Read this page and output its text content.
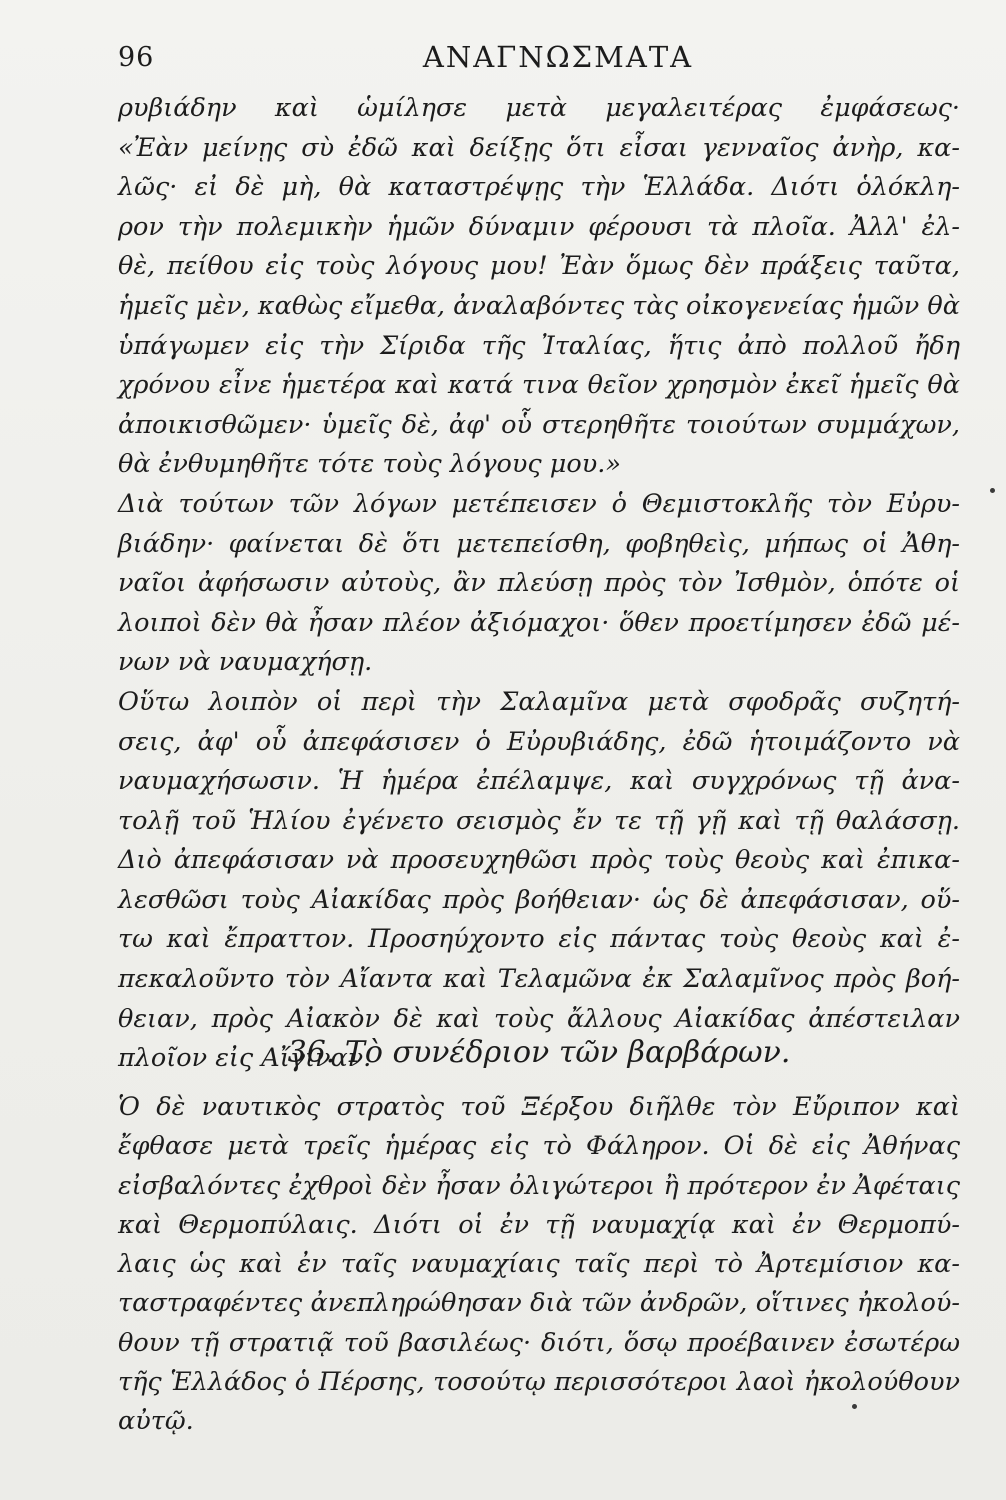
96	ΑΝΑΓΝΩΣΜΑΤΑ
ρυβιάδην καὶ ὡμίλησε μετὰ μεγαλειτέρας ἐμφάσεως·
«Ἐὰν μείνῃς σὺ ἐδῶ καὶ δείξῃς ὅτι εἶσαι γενναῖος ἀνὴρ, κα-
λῶς· εἰ δὲ μὴ, θὰ καταστρέψῃς τὴν Ἑλλάδα. Διότι ὁλόκλη-
ρον τὴν πολεμικὴν ἡμῶν δύναμιν φέρουσι τὰ πλοῖα. Ἀλλ' ἐλ-
θὲ, πείθου εἰς τοὺς λόγους μου! Ἐὰν ὅμως δὲν πράξεις ταῦτα,
ἡμεῖς μὲν, καθὼς εἴμεθα, ἀναλαβόντες τὰς οἰκογενείας ἡμῶν θὰ
ὑπάγωμεν εἰς τὴν Σίριδα τῆς Ἰταλίας, ἥτις ἀπὸ πολλοῦ ἤδη
χρόνου εἶνε ἡμετέρα καὶ κατά τινα θεῖον χρησμὸν ἐκεῖ ἡμεῖς θὰ
ἀποικισθῶμεν· ὑμεῖς δὲ, ἀφ' οὗ στερηθῆτε τοιούτων συμμάχων,
θὰ ἐνθυμηθῆτε τότε τοὺς λόγους μου.»
Διὰ τούτων τῶν λόγων μετέπεισεν ὁ Θεμιστοκλῆς τὸν Εὐρυ-
βιάδην· φαίνεται δὲ ὅτι μετεπείσθη, φοβηθεὶς, μήπως οἱ Ἀθη-
ναῖοι ἀφήσωσιν αὐτοὺς, ἂν πλεύσῃ πρὸς τὸν Ἰσθμὸν, ὁπότε οἱ
λοιποὶ δὲν θὰ ἦσαν πλέον ἀξιόμαχοι· ὅθεν προετίμησεν ἐδῶ μέ-
νων νὰ ναυμαχήσῃ.
Οὕτω λοιπὸν οἱ περὶ τὴν Σαλαμῖνα μετὰ σφοδρᾶς συζητή-
σεις, ἀφ' οὗ ἀπεφάσισεν ὁ Εὐρυβιάδης, ἐδῶ ἡτοιμάζοντο νὰ
ναυμαχήσωσιν. Ἡ ἡμέρα ἐπέλαμψε, καὶ συγχρόνως τῇ ἀνα-
τολῇ τοῦ Ἡλίου ἐγένετο σεισμὸς ἔν τε τῇ γῇ καὶ τῇ θαλάσσῃ.
Διὸ ἀπεφάσισαν νὰ προσευχηθῶσι πρὸς τοὺς θεοὺς καὶ ἐπικα-
λεσθῶσι τοὺς Αἰακίδας πρὸς βοήθειαν· ὡς δὲ ἀπεφάσισαν, οὕ-
τω καὶ ἔπραττον. Προσηύχοντο εἰς πάντας τοὺς θεοὺς καὶ ἐ-
πεκαλοῦντο τὸν Αἴαντα καὶ Τελαμῶνα ἐκ Σαλαμῖνος πρὸς βοή-
θειαν, πρὸς Αἰακὸν δὲ καὶ τοὺς ἄλλους Αἰακίδας ἀπέστειλαν
πλοῖον εἰς Αἴγιναν.
36. Τὸ συνέδριον τῶν βαρβάρων.
Ὁ δὲ ναυτικὸς στρατὸς τοῦ Ξέρξου διῆλθε τὸν Εὔριπον καὶ
ἔφθασε μετὰ τρεῖς ἡμέρας εἰς τὸ Φάληρον. Οἱ δὲ εἰς Ἀθήνας
εἰσβαλόντες ἐχθροὶ δὲν ἦσαν ὀλιγώτεροι ἢ πρότερον ἐν Ἀφέταις
καὶ Θερμοπύλαις. Διότι οἱ ἐν τῇ ναυμαχίᾳ καὶ ἐν Θερμοπύ-
λαις ὡς καὶ ἐν ταῖς ναυμαχίαις ταῖς περὶ τὸ Ἀρτεμίσιον κα-
ταστραφέντες ἀνεπληρώθησαν διὰ τῶν ἀνδρῶν, οἵτινες ἠκολού-
θουν τῇ στρατιᾷ τοῦ βασιλέως· διότι, ὅσῳ προέβαινεν ἐσωτέρω
τῆς Ἑλλάδος ὁ Πέρσης, τοσούτῳ περισσότεροι λαοὶ ἠκολούθουν
αὐτῷ.
